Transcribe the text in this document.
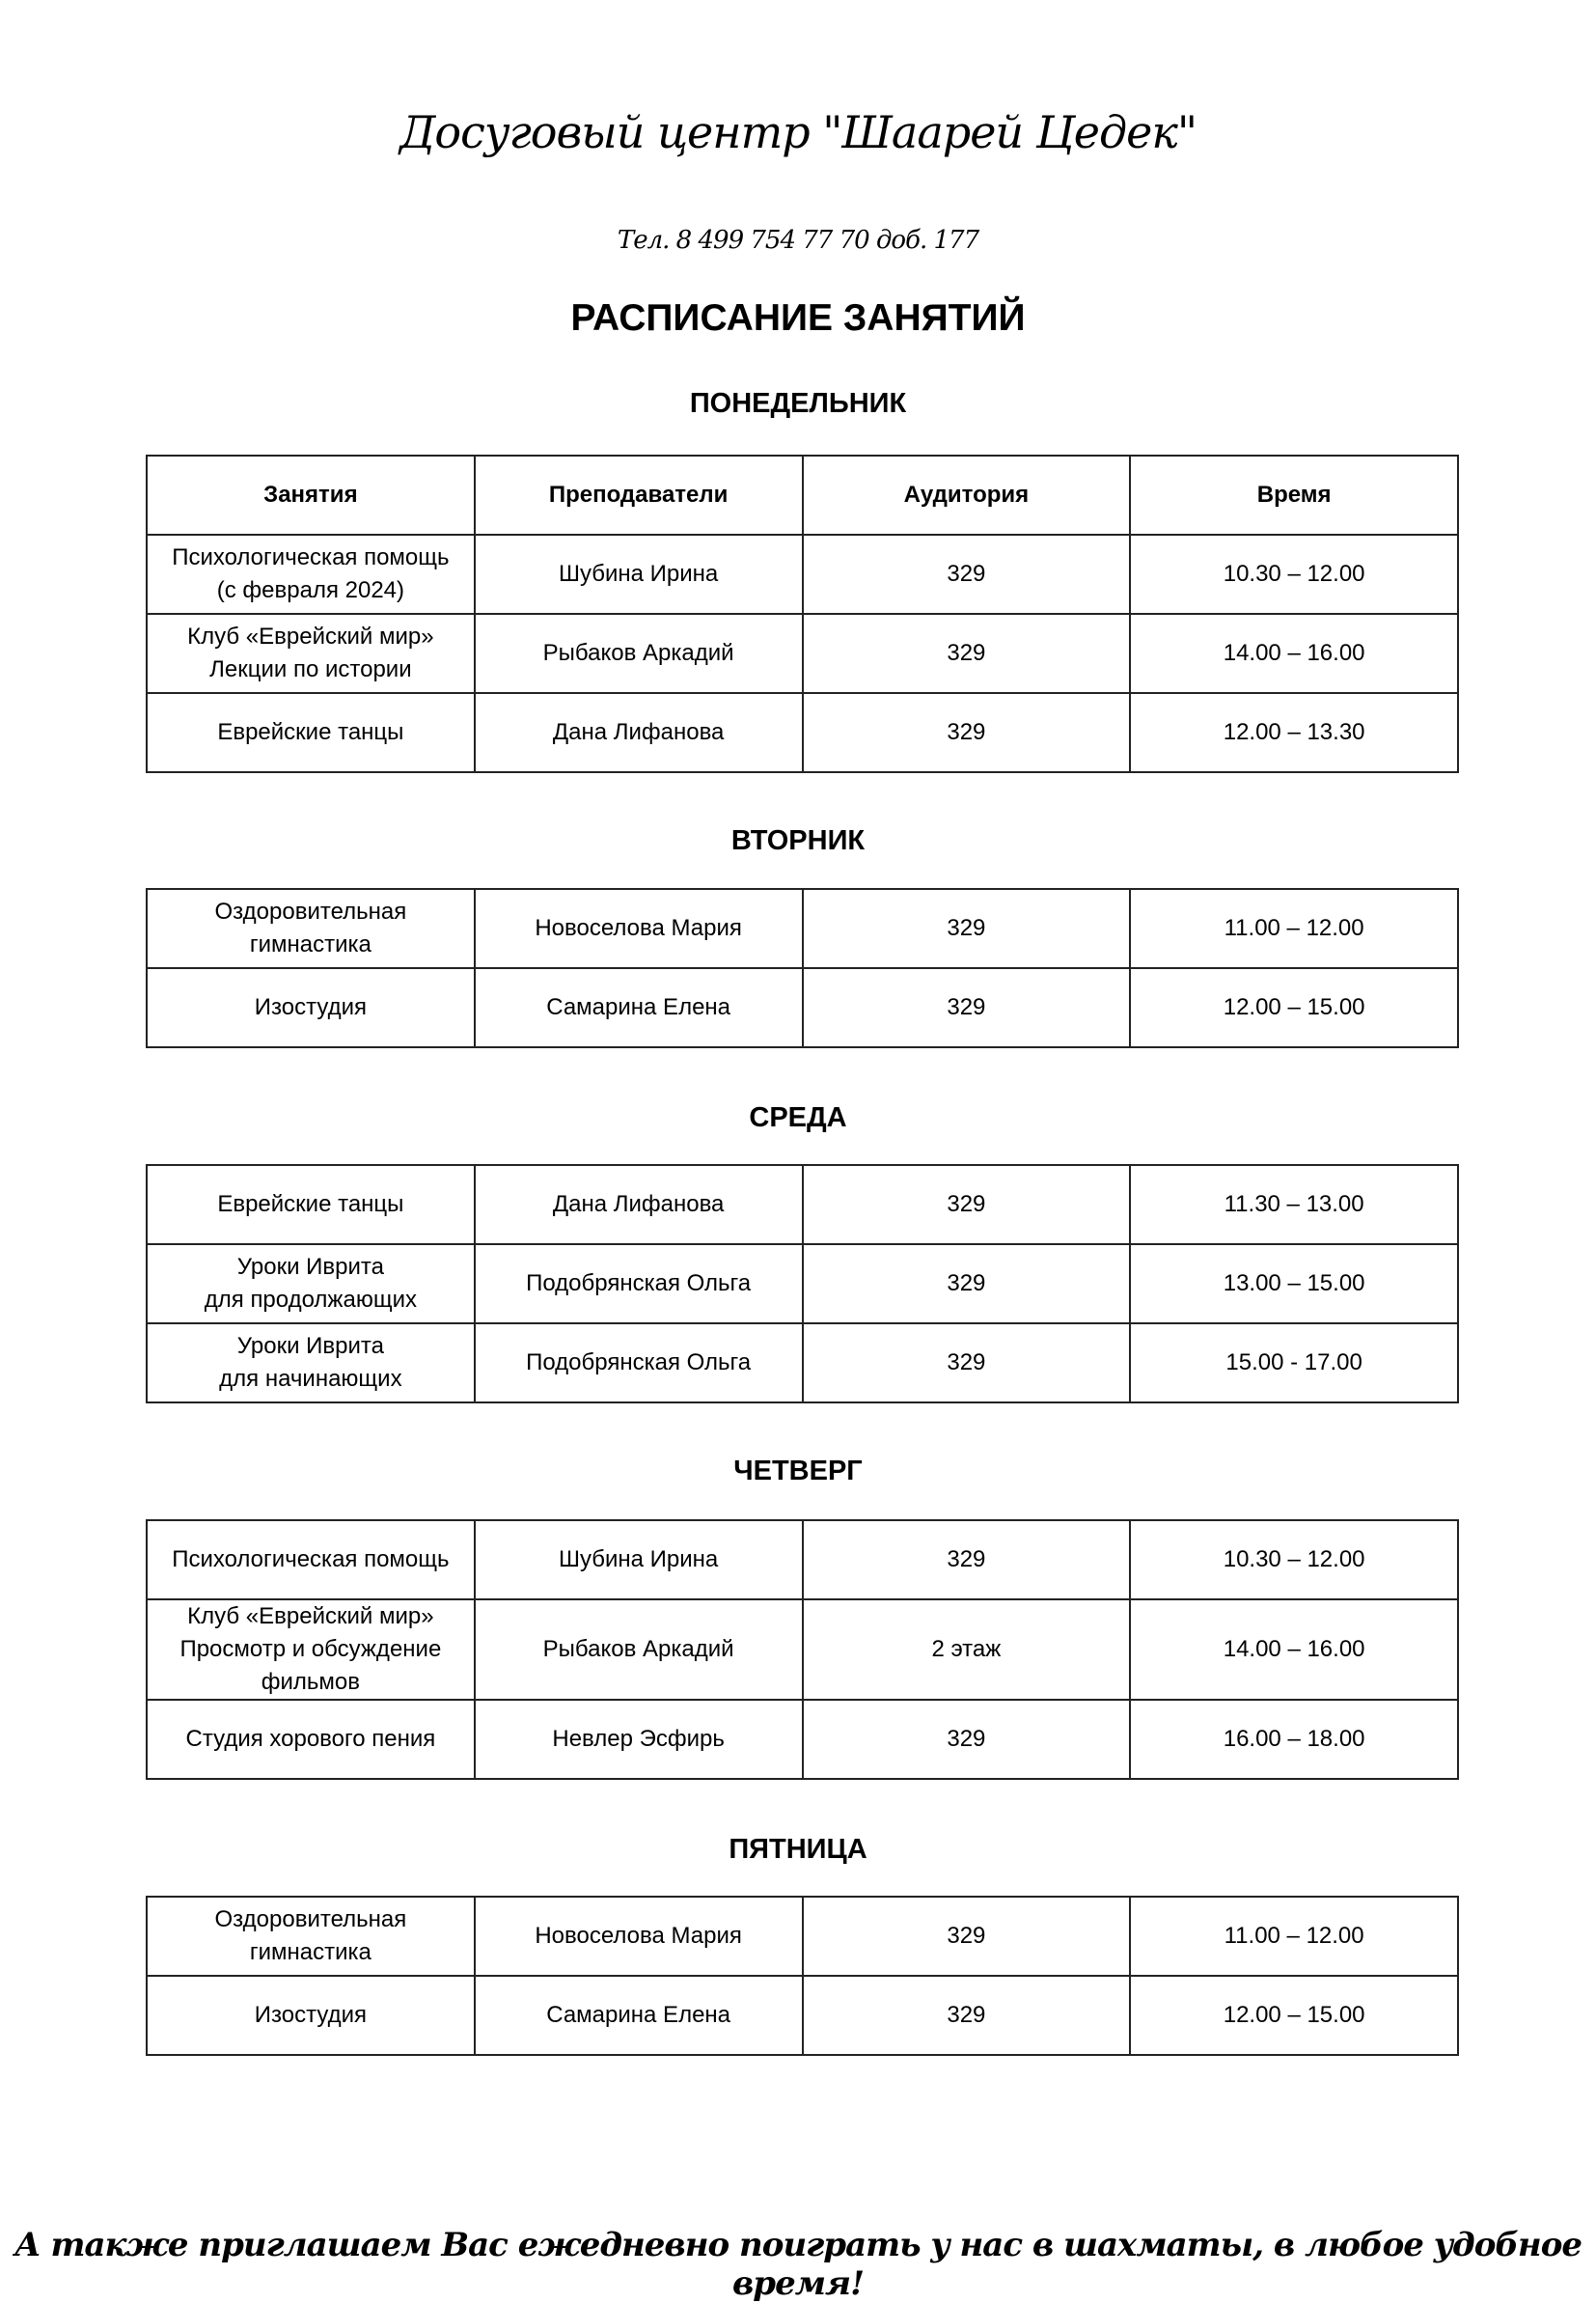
Досуговый центр "Шаарей Цедек"
Тел. 8 499 754 77 70 доб. 177
РАСПИСАНИЕ ЗАНЯТИЙ
ПОНЕДЕЛЬНИК
Занятия	Преподаватели	Аудитория	Время

Психологическая помощь
(с февраля 2024)	Шубина Ирина	329	10.30 – 12.00

Клуб «Еврейский мир»
Лекции по истории	Рыбаков Аркадий	329	14.00 – 16.00

Еврейские танцы	Дана Лифанова	329	12.00 – 13.30
ВТОРНИК
Оздоровительная
гимнастика	Новоселова Мария	329	11.00 – 12.00

Изостудия	Самарина Елена	329	12.00 – 15.00
СРЕДА
Еврейские танцы	Дана Лифанова	329	11.30 – 13.00

Уроки Иврита
для продолжающих	Подобрянская Ольга	329	13.00 – 15.00

Уроки Иврита
для начинающих	Подобрянская Ольга	329	15.00 - 17.00
ЧЕТВЕРГ
Психологическая помощь	Шубина Ирина	329	10.30 – 12.00

Клуб «Еврейский мир»
Просмотр и обсуждение
фильмов	Рыбаков Аркадий	2 этаж	14.00 – 16.00

Студия хорового пения	Невлер Эсфирь	329	16.00 – 18.00
ПЯТНИЦА
Оздоровительная
гимнастика	Новоселова Мария	329	11.00 – 12.00

Изостудия	Самарина Елена	329	12.00 – 15.00
А также приглашаем Вас ежедневно поиграть у нас в шахматы, в любое удобное время!
